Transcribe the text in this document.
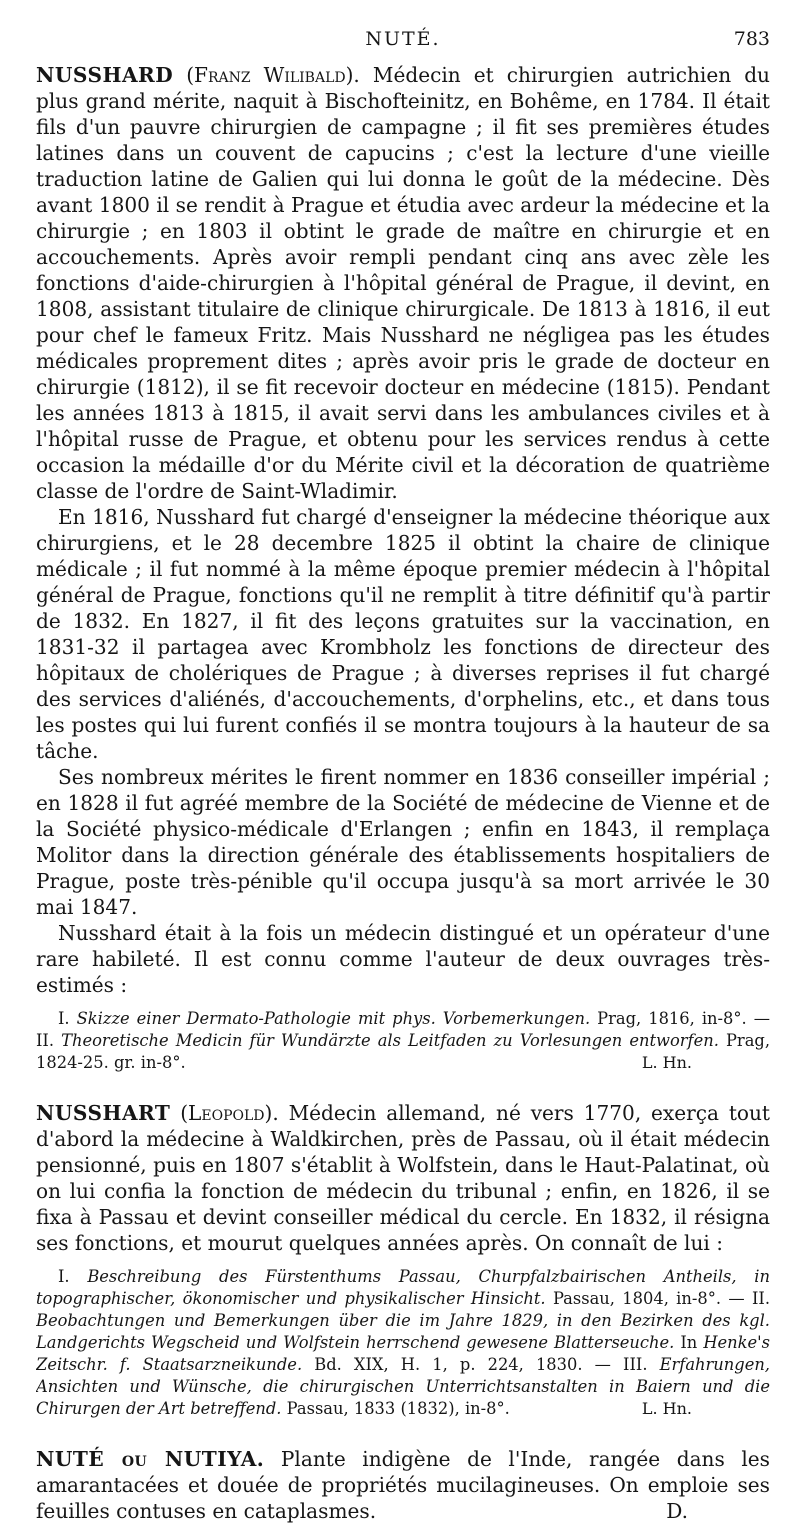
NUTÉ.	783

NUSSHARD (Franz Wilibald). Médecin et chirurgien autrichien du plus grand mérite, naquit à Bischofteinitz, en Bohême, en 1784. Il était fils d'un pauvre chirurgien de campagne ; il fit ses premières études latines dans un couvent de capucins ; c'est la lecture d'une vieille traduction latine de Galien qui lui donna le goût de la médecine. Dès avant 1800 il se rendit à Prague et étudia avec ardeur la médecine et la chirurgie ; en 1803 il obtint le grade de maître en chirurgie et en accouchements. Après avoir rempli pendant cinq ans avec zèle les fonctions d'aide-chirurgien à l'hôpital général de Prague, il devint, en 1808, assistant titulaire de clinique chirurgicale. De 1813 à 1816, il eut pour chef le fameux Fritz. Mais Nusshard ne négligea pas les études médicales proprement dites ; après avoir pris le grade de docteur en chirurgie (1812), il se fit recevoir docteur en médecine (1815). Pendant les années 1813 à 1815, il avait servi dans les ambulances civiles et à l'hôpital russe de Prague, et obtenu pour les services rendus à cette occasion la médaille d'or du Mérite civil et la décoration de quatrième classe de l'ordre de Saint-Wladimir.

En 1816, Nusshard fut chargé d'enseigner la médecine théorique aux chirurgiens, et le 28 decembre 1825 il obtint la chaire de clinique médicale ; il fut nommé à la même époque premier médecin à l'hôpital général de Prague, fonctions qu'il ne remplit à titre définitif qu'à partir de 1832. En 1827, il fit des leçons gratuites sur la vaccination, en 1831-32 il partagea avec Krombholz les fonctions de directeur des hôpitaux de cholériques de Prague ; à diverses reprises il fut chargé des services d'aliénés, d'accouchements, d'orphelins, etc., et dans tous les postes qui lui furent confiés il se montra toujours à la hauteur de sa tâche.

Ses nombreux mérites le firent nommer en 1836 conseiller impérial ; en 1828 il fut agréé membre de la Société de médecine de Vienne et de la Société physico-médicale d'Erlangen ; enfin en 1843, il remplaça Molitor dans la direction générale des établissements hospitaliers de Prague, poste très-pénible qu'il occupa jusqu'à sa mort arrivée le 30 mai 1847.

Nusshard était à la fois un médecin distingué et un opérateur d'une rare habileté. Il est connu comme l'auteur de deux ouvrages très-estimés :

I. Skizze einer Dermato-Pathologie mit phys. Vorbemerkungen. Prag, 1816, in-8°. — II. Theoretische Medicin für Wundärzte als Leitfaden zu Vorlesungen entworfen. Prag, 1824-25. gr. in-8°.	L. Hn.

NUSSHART (Leopold). Médecin allemand, né vers 1770, exerça tout d'abord la médecine à Waldkirchen, près de Passau, où il était médecin pensionné, puis en 1807 s'établit à Wolfstein, dans le Haut-Palatinat, où on lui confia la fonction de médecin du tribunal ; enfin, en 1826, il se fixa à Passau et devint conseiller médical du cercle. En 1832, il résigna ses fonctions, et mourut quelques années après. On connaît de lui :

I. Beschreibung des Fürstenthums Passau, Churpfalzbairischen Antheils, in topographischer, ökonomischer und physikalischer Hinsicht. Passau, 1804, in-8°. — II. Beobachtungen und Bemerkungen über die im Jahre 1829, in den Bezirken des kgl. Landgerichts Wegscheid und Wolfstein herrschend gewesene Blatterseuche. In Henke's Zeitschr. f. Staatsarzneikunde. Bd. XIX, H. 1, p. 224, 1830. — III. Erfahrungen, Ansichten und Wünsche, die chirurgischen Unterrichtsanstalten in Baiern und die Chirurgen der Art betreffend. Passau, 1833 (1832), in-8°.	L. Hn.

NUTÉ ou NUTIYA. Plante indigène de l'Inde, rangée dans les amarantacées et douée de propriétés mucilagineuses. On emploie ses feuilles contuses en cataplasmes.	D.
